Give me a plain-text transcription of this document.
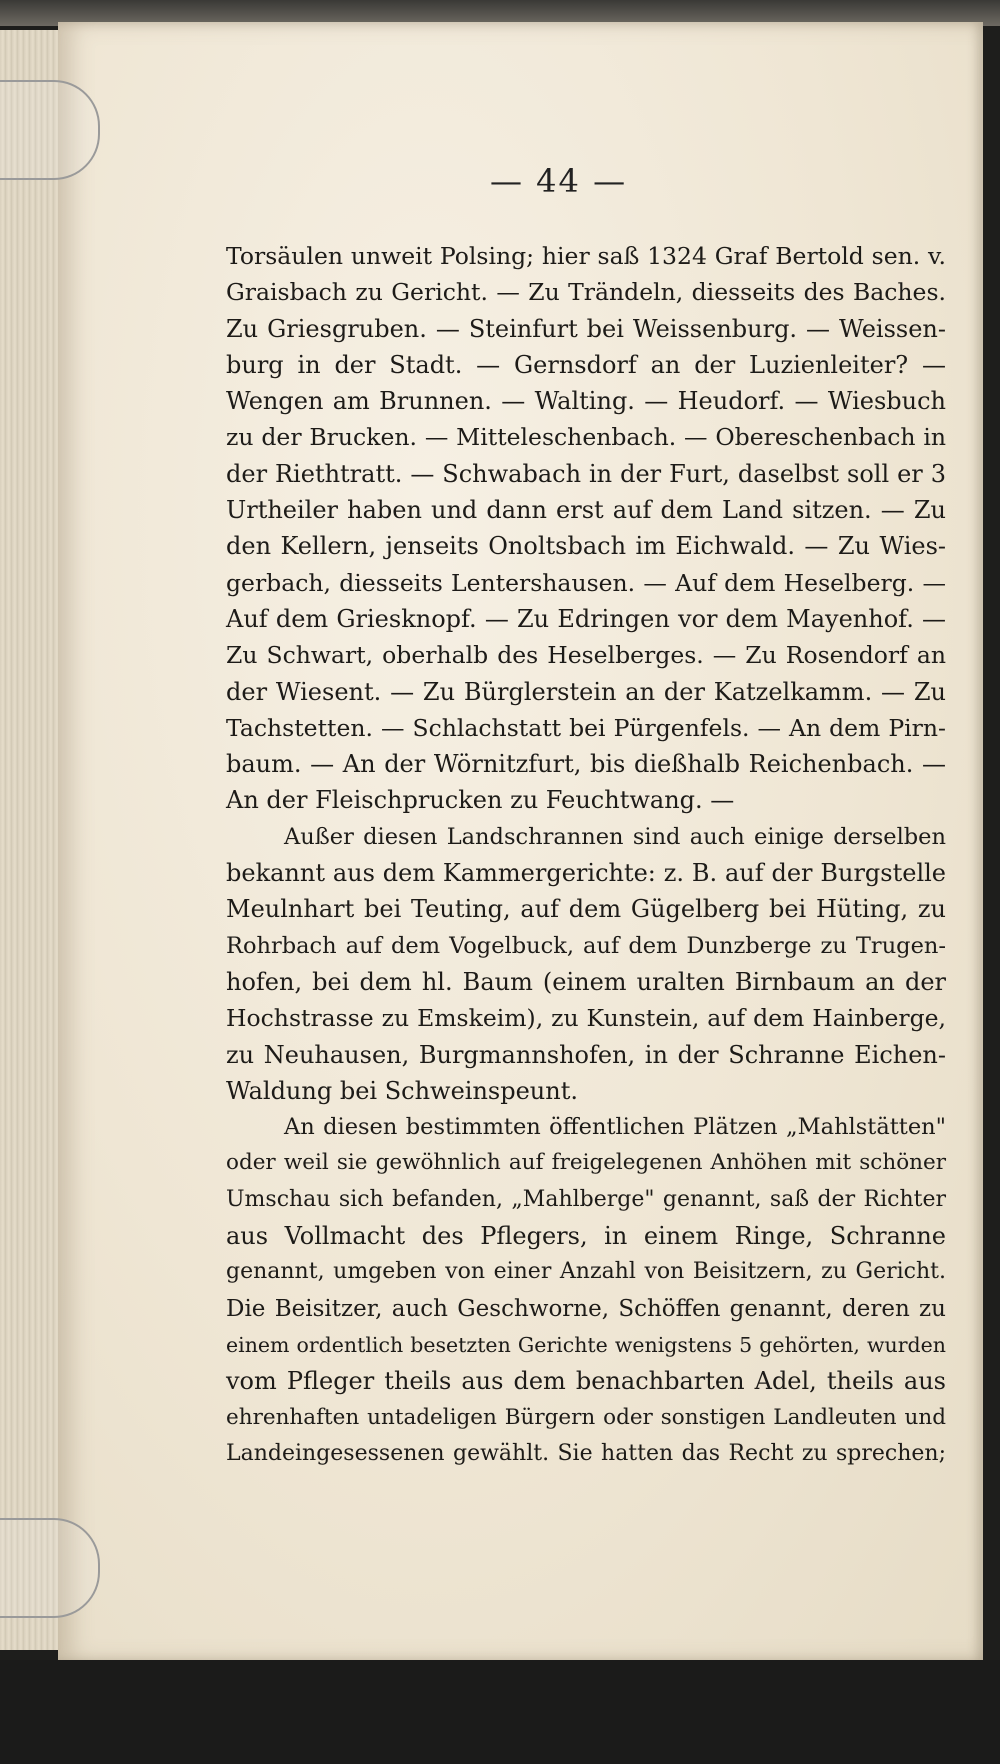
— 44 —
Torsäulen unweit Polsing; hier saß 1324 Graf Bertold sen. v.
Graisbach zu Gericht. — Zu Trändeln, diesseits des Baches.
Zu Griesgruben. — Steinfurt bei Weissenburg. — Weissen-
burg in der Stadt. — Gernsdorf an der Luzienleiter? —
Wengen am Brunnen. — Walting. — Heudorf. — Wiesbuch
zu der Brucken. — Mitteleschenbach. — Obereschenbach in
der Riethtratt. — Schwabach in der Furt, daselbst soll er 3
Urtheiler haben und dann erst auf dem Land sitzen. — Zu
den Kellern, jenseits Onoltsbach im Eichwald. — Zu Wies-
gerbach, diesseits Lentershausen. — Auf dem Heselberg. —
Auf dem Griesknopf. — Zu Edringen vor dem Mayenhof. —
Zu Schwart, oberhalb des Heselberges. — Zu Rosendorf an
der Wiesent. — Zu Bürglerstein an der Katzelkamm. — Zu
Tachstetten. — Schlachstatt bei Pürgenfels. — An dem Pirn-
baum. — An der Wörnitzfurt, bis dießhalb Reichenbach. —
An der Fleischprucken zu Feuchtwang. —
Außer diesen Landschrannen sind auch einige derselben
bekannt aus dem Kammergerichte: z. B. auf der Burgstelle
Meulnhart bei Teuting, auf dem Gügelberg bei Hüting, zu
Rohrbach auf dem Vogelbuck, auf dem Dunzberge zu Trugen-
hofen, bei dem hl. Baum (einem uralten Birnbaum an der
Hochstrasse zu Emskeim), zu Kunstein, auf dem Hainberge,
zu Neuhausen, Burgmannshofen, in der Schranne Eichen-
Waldung bei Schweinspeunt.
An diesen bestimmten öffentlichen Plätzen „Mahlstätten"
oder weil sie gewöhnlich auf freigelegenen Anhöhen mit schöner
Umschau sich befanden, „Mahlberge" genannt, saß der Richter
aus Vollmacht des Pflegers, in einem Ringe, Schranne
genannt, umgeben von einer Anzahl von Beisitzern, zu Gericht.
Die Beisitzer, auch Geschworne, Schöffen genannt, deren zu
einem ordentlich besetzten Gerichte wenigstens 5 gehörten, wurden
vom Pfleger theils aus dem benachbarten Adel, theils aus
ehrenhaften untadeligen Bürgern oder sonstigen Landleuten und
Landeingesessenen gewählt. Sie hatten das Recht zu sprechen;
